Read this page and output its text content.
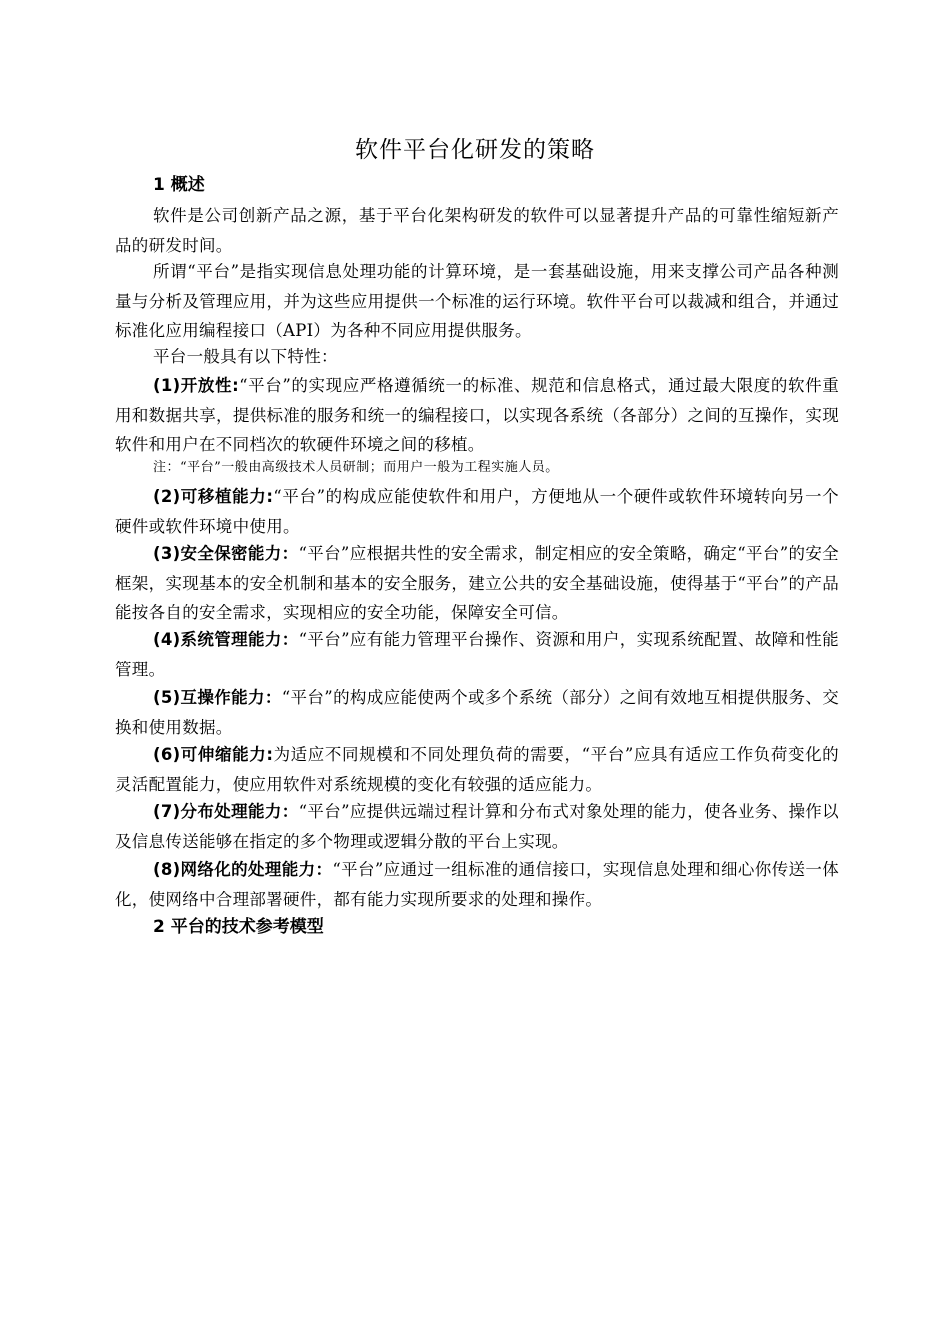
软件平台化研发的策略
1 概述
软件是公司创新产品之源，基于平台化架构研发的软件可以显著提升产品的可靠性缩短新产品的研发时间。
所谓“平台”是指实现信息处理功能的计算环境，是一套基础设施，用来支撑公司产品各种测量与分析及管理应用，并为这些应用提供一个标准的运行环境。软件平台可以裁减和组合，并通过标准化应用编程接口（API）为各种不同应用提供服务。
平台一般具有以下特性：
(1)开放性:“平台”的实现应严格遵循统一的标准、规范和信息格式，通过最大限度的软件重用和数据共享，提供标准的服务和统一的编程接口，以实现各系统（各部分）之间的互操作，实现软件和用户在不同档次的软硬件环境之间的移植。
注：“平台”一般由高级技术人员研制；而用户一般为工程实施人员。
(2)可移植能力:“平台”的构成应能使软件和用户，方便地从一个硬件或软件环境转向另一个硬件或软件环境中使用。
(3)安全保密能力：“平台”应根据共性的安全需求，制定相应的安全策略，确定“平台”的安全框架，实现基本的安全机制和基本的安全服务，建立公共的安全基础设施，使得基于“平台”的产品能按各自的安全需求，实现相应的安全功能，保障安全可信。
(4)系统管理能力：“平台”应有能力管理平台操作、资源和用户，实现系统配置、故障和性能管理。
(5)互操作能力：“平台”的构成应能使两个或多个系统（部分）之间有效地互相提供服务、交换和使用数据。
(6)可伸缩能力:为适应不同规模和不同处理负荷的需要，“平台”应具有适应工作负荷变化的灵活配置能力，使应用软件对系统规模的变化有较强的适应能力。
(7)分布处理能力：“平台”应提供远端过程计算和分布式对象处理的能力，使各业务、操作以及信息传送能够在指定的多个物理或逻辑分散的平台上实现。
(8)网络化的处理能力：“平台”应通过一组标准的通信接口，实现信息处理和细心你传送一体化，使网络中合理部署硬件，都有能力实现所要求的处理和操作。
2 平台的技术参考模型
